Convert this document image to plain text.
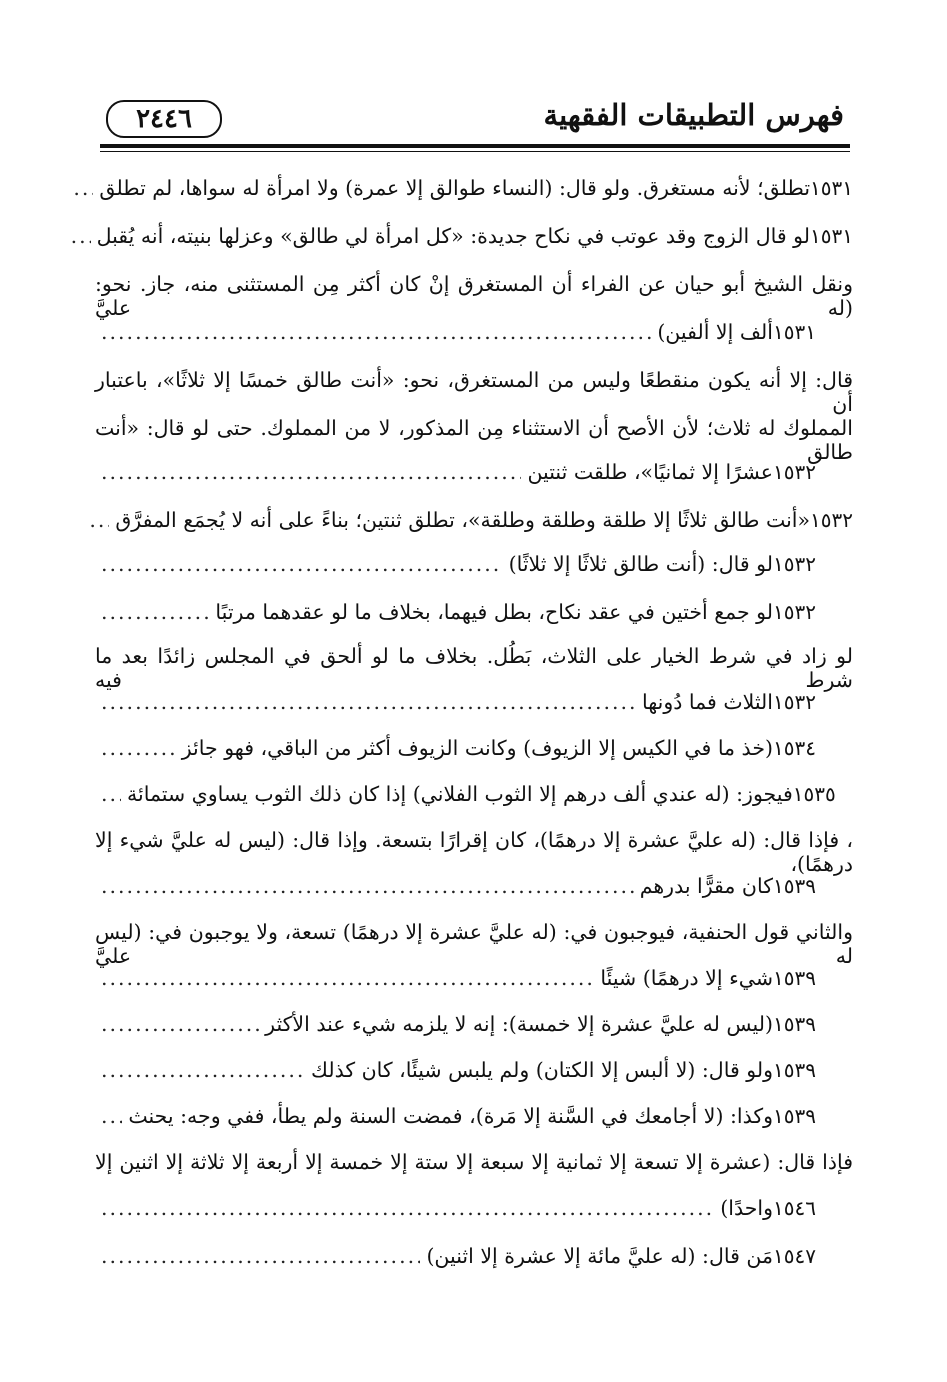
فهرس التطبيقات الفقهية
٢٤٤٦
١٥٣١
تطلق؛ لأنه مستغرق. ولو قال: (النساء طوالق إلا عمرة) ولا امرأة له سواها، لم تطلق
.....
١٥٣١
لو قال الزوج وقد عوتب في نكاح جديدة: «كل امرأة لي طالق» وعزلها بنيته، أنه يُقبل
.....
ونقل الشيخ أبو حيان عن الفراء أن المستغرق إنْ كان أكثر مِن المستثنى منه، جاز. نحو: (له عليَّ
١٥٣١
ألف إلا ألفين)
.....
قال: إلا أنه يكون منقطعًا وليس من المستغرق، نحو: «أنت طالق خمسًا إلا ثلاثًا»، باعتبار أن
المملوك له ثلاث؛ لأن الأصح أن الاستثناء مِن المذكور، لا من المملوك. حتى لو قال: «أنت طالق
١٥٣٢
عشرًا إلا ثمانيًا»، طلقت ثنتين
.....
١٥٣٢
«أنت طالق ثلاثًا إلا طلقة وطلقة وطلقة»، تطلق ثنتين؛ بناءً على أنه لا يُجمَع المفرَّق
.....
١٥٣٢
لو قال: (أنت طالق ثلاثًا إلا ثلاثًا)
.....
١٥٣٢
لو جمع أختين في عقد نكاح، بطل فيهما، بخلاف ما لو عقدهما مرتبًا
.....
لو زاد في شرط الخيار على الثلاث، بَطُل. بخلاف ما لو ألحق في المجلس زائدًا بعد ما شرط فيه
١٥٣٢
الثلاث فما دُونها
.....
١٥٣٤
(خذ ما في الكيس إلا الزيوف) وكانت الزيوف أكثر من الباقي، فهو جائز
.....
١٥٣٥
فيجوز: (له عندي ألف درهم إلا الثوب الفلاني) إذا كان ذلك الثوب يساوي ستمائة
.....
، فإذا قال: (له عليَّ عشرة إلا درهمًا)، كان إقرارًا بتسعة. وإذا قال: (ليس له عليَّ شيء إلا درهمًا)،
١٥٣٩
كان مقرًّا بدرهم
.....
والثاني قول الحنفية، فيوجبون في: (له عليَّ عشرة إلا درهمًا) تسعة، ولا يوجبون في: (ليس له عليَّ
١٥٣٩
شيء إلا درهمًا) شيئًا
.....
١٥٣٩
(ليس له عليَّ عشرة إلا خمسة): إنه لا يلزمه شيء عند الأكثر
.....
١٥٣٩
ولو قال: (لا ألبس إلا الكتان) ولم يلبس شيئًا، كان كذلك
.....
١٥٣٩
وكذا: (لا أجامعك في السَّنة إلا مَرة)، فمضت السنة ولم يطأ، ففي وجه: يحنث
.....
فإذا قال: (عشرة إلا تسعة إلا ثمانية إلا سبعة إلا ستة إلا خمسة إلا أربعة إلا ثلاثة إلا اثنين إلا
١٥٤٦
واحدًا)
.....
١٥٤٧
مَن قال: (له عليَّ مائة إلا عشرة إلا اثنين)
.....
